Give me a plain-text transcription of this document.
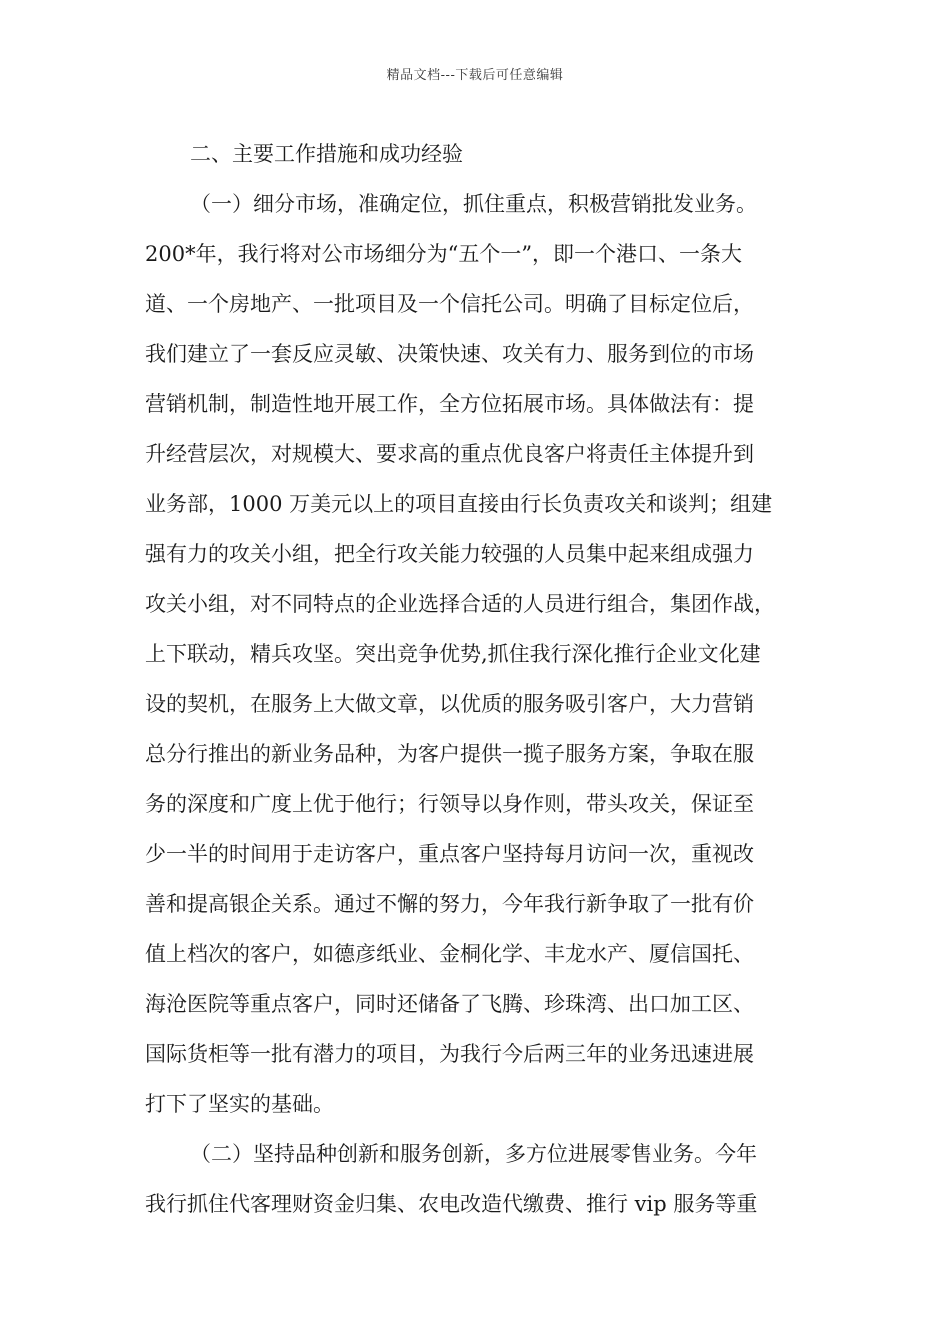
精品文档---下载后可任意编辑
二、主要工作措施和成功经验
（一）细分市场，准确定位，抓住重点，积极营销批发业务。
200*年，我行将对公市场细分为“五个一”，即一个港口、一条大
道、一个房地产、一批项目及一个信托公司。明确了目标定位后，
我们建立了一套反应灵敏、决策快速、攻关有力、服务到位的市场
营销机制，制造性地开展工作，全方位拓展市场。具体做法有：提
升经营层次，对规模大、要求高的重点优良客户将责任主体提升到
业务部，1000 万美元以上的项目直接由行长负责攻关和谈判；组建
强有力的攻关小组，把全行攻关能力较强的人员集中起来组成强力
攻关小组，对不同特点的企业选择合适的人员进行组合，集团作战，
上下联动，精兵攻坚。突出竞争优势,抓住我行深化推行企业文化建
设的契机，在服务上大做文章，以优质的服务吸引客户，大力营销
总分行推出的新业务品种，为客户提供一揽子服务方案，争取在服
务的深度和广度上优于他行；行领导以身作则，带头攻关，保证至
少一半的时间用于走访客户，重点客户坚持每月访问一次，重视改
善和提高银企关系。通过不懈的努力，今年我行新争取了一批有价
值上档次的客户，如德彦纸业、金桐化学、丰龙水产、厦信国托、
海沧医院等重点客户，同时还储备了飞腾、珍珠湾、出口加工区、
国际货柜等一批有潜力的项目，为我行今后两三年的业务迅速进展
打下了坚实的基础。
（二）坚持品种创新和服务创新，多方位进展零售业务。今年
我行抓住代客理财资金归集、农电改造代缴费、推行 vip 服务等重
